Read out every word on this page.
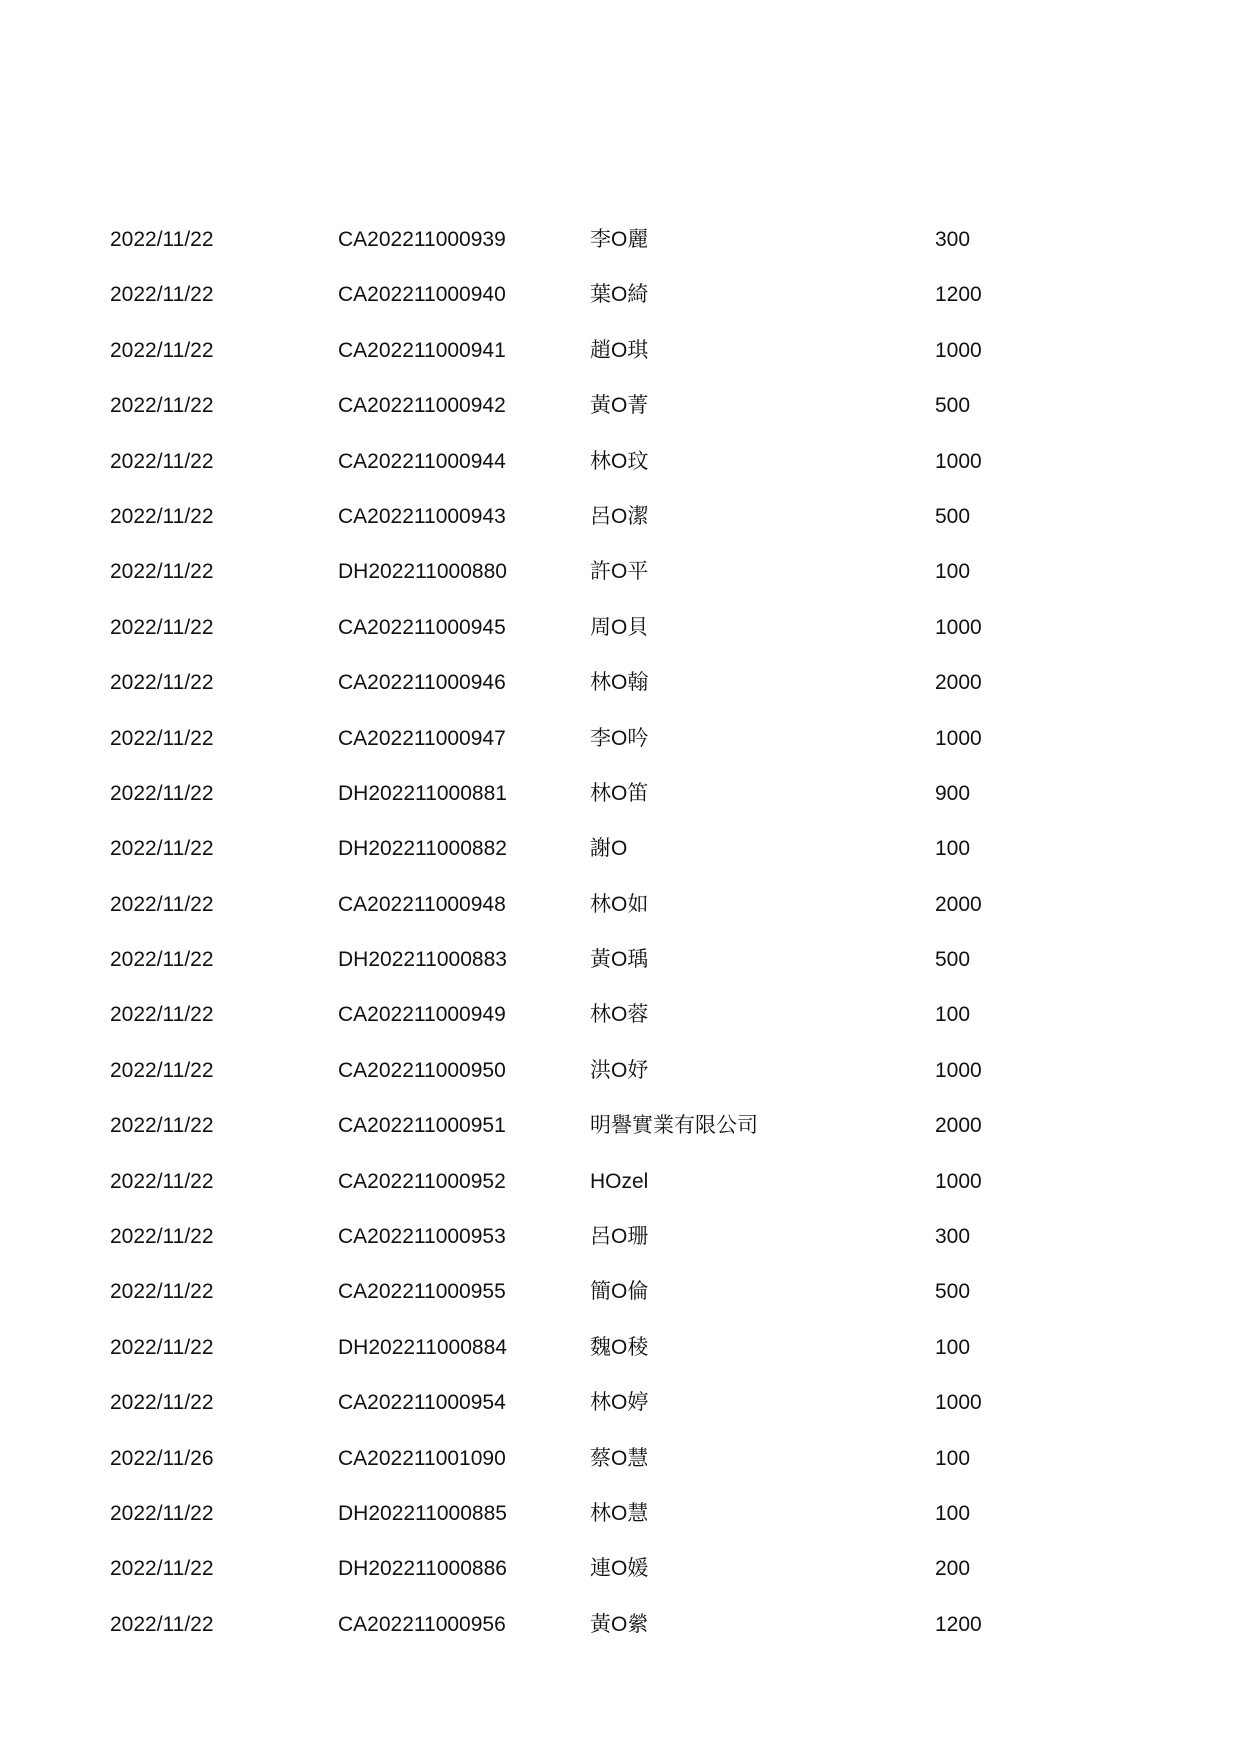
2022/11/22	CA202211000939	李O麗	300
2022/11/22	CA202211000940	葉O綺	1200
2022/11/22	CA202211000941	趙O琪	1000
2022/11/22	CA202211000942	黃O菁	500
2022/11/22	CA202211000944	林O玟	1000
2022/11/22	CA202211000943	呂O潔	500
2022/11/22	DH202211000880	許O平	100
2022/11/22	CA202211000945	周O貝	1000
2022/11/22	CA202211000946	林O翰	2000
2022/11/22	CA202211000947	李O吟	1000
2022/11/22	DH202211000881	林O笛	900
2022/11/22	DH202211000882	謝O	100
2022/11/22	CA202211000948	林O如	2000
2022/11/22	DH202211000883	黃O瑀	500
2022/11/22	CA202211000949	林O蓉	100
2022/11/22	CA202211000950	洪O妤	1000
2022/11/22	CA202211000951	明譽實業有限公司	2000
2022/11/22	CA202211000952	HOzel	1000
2022/11/22	CA202211000953	呂O珊	300
2022/11/22	CA202211000955	簡O倫	500
2022/11/22	DH202211000884	魏O稜	100
2022/11/22	CA202211000954	林O婷	1000
2022/11/26	CA202211001090	蔡O慧	100
2022/11/22	DH202211000885	林O慧	100
2022/11/22	DH202211000886	連O媛	200
2022/11/22	CA202211000956	黃O縈	1200
